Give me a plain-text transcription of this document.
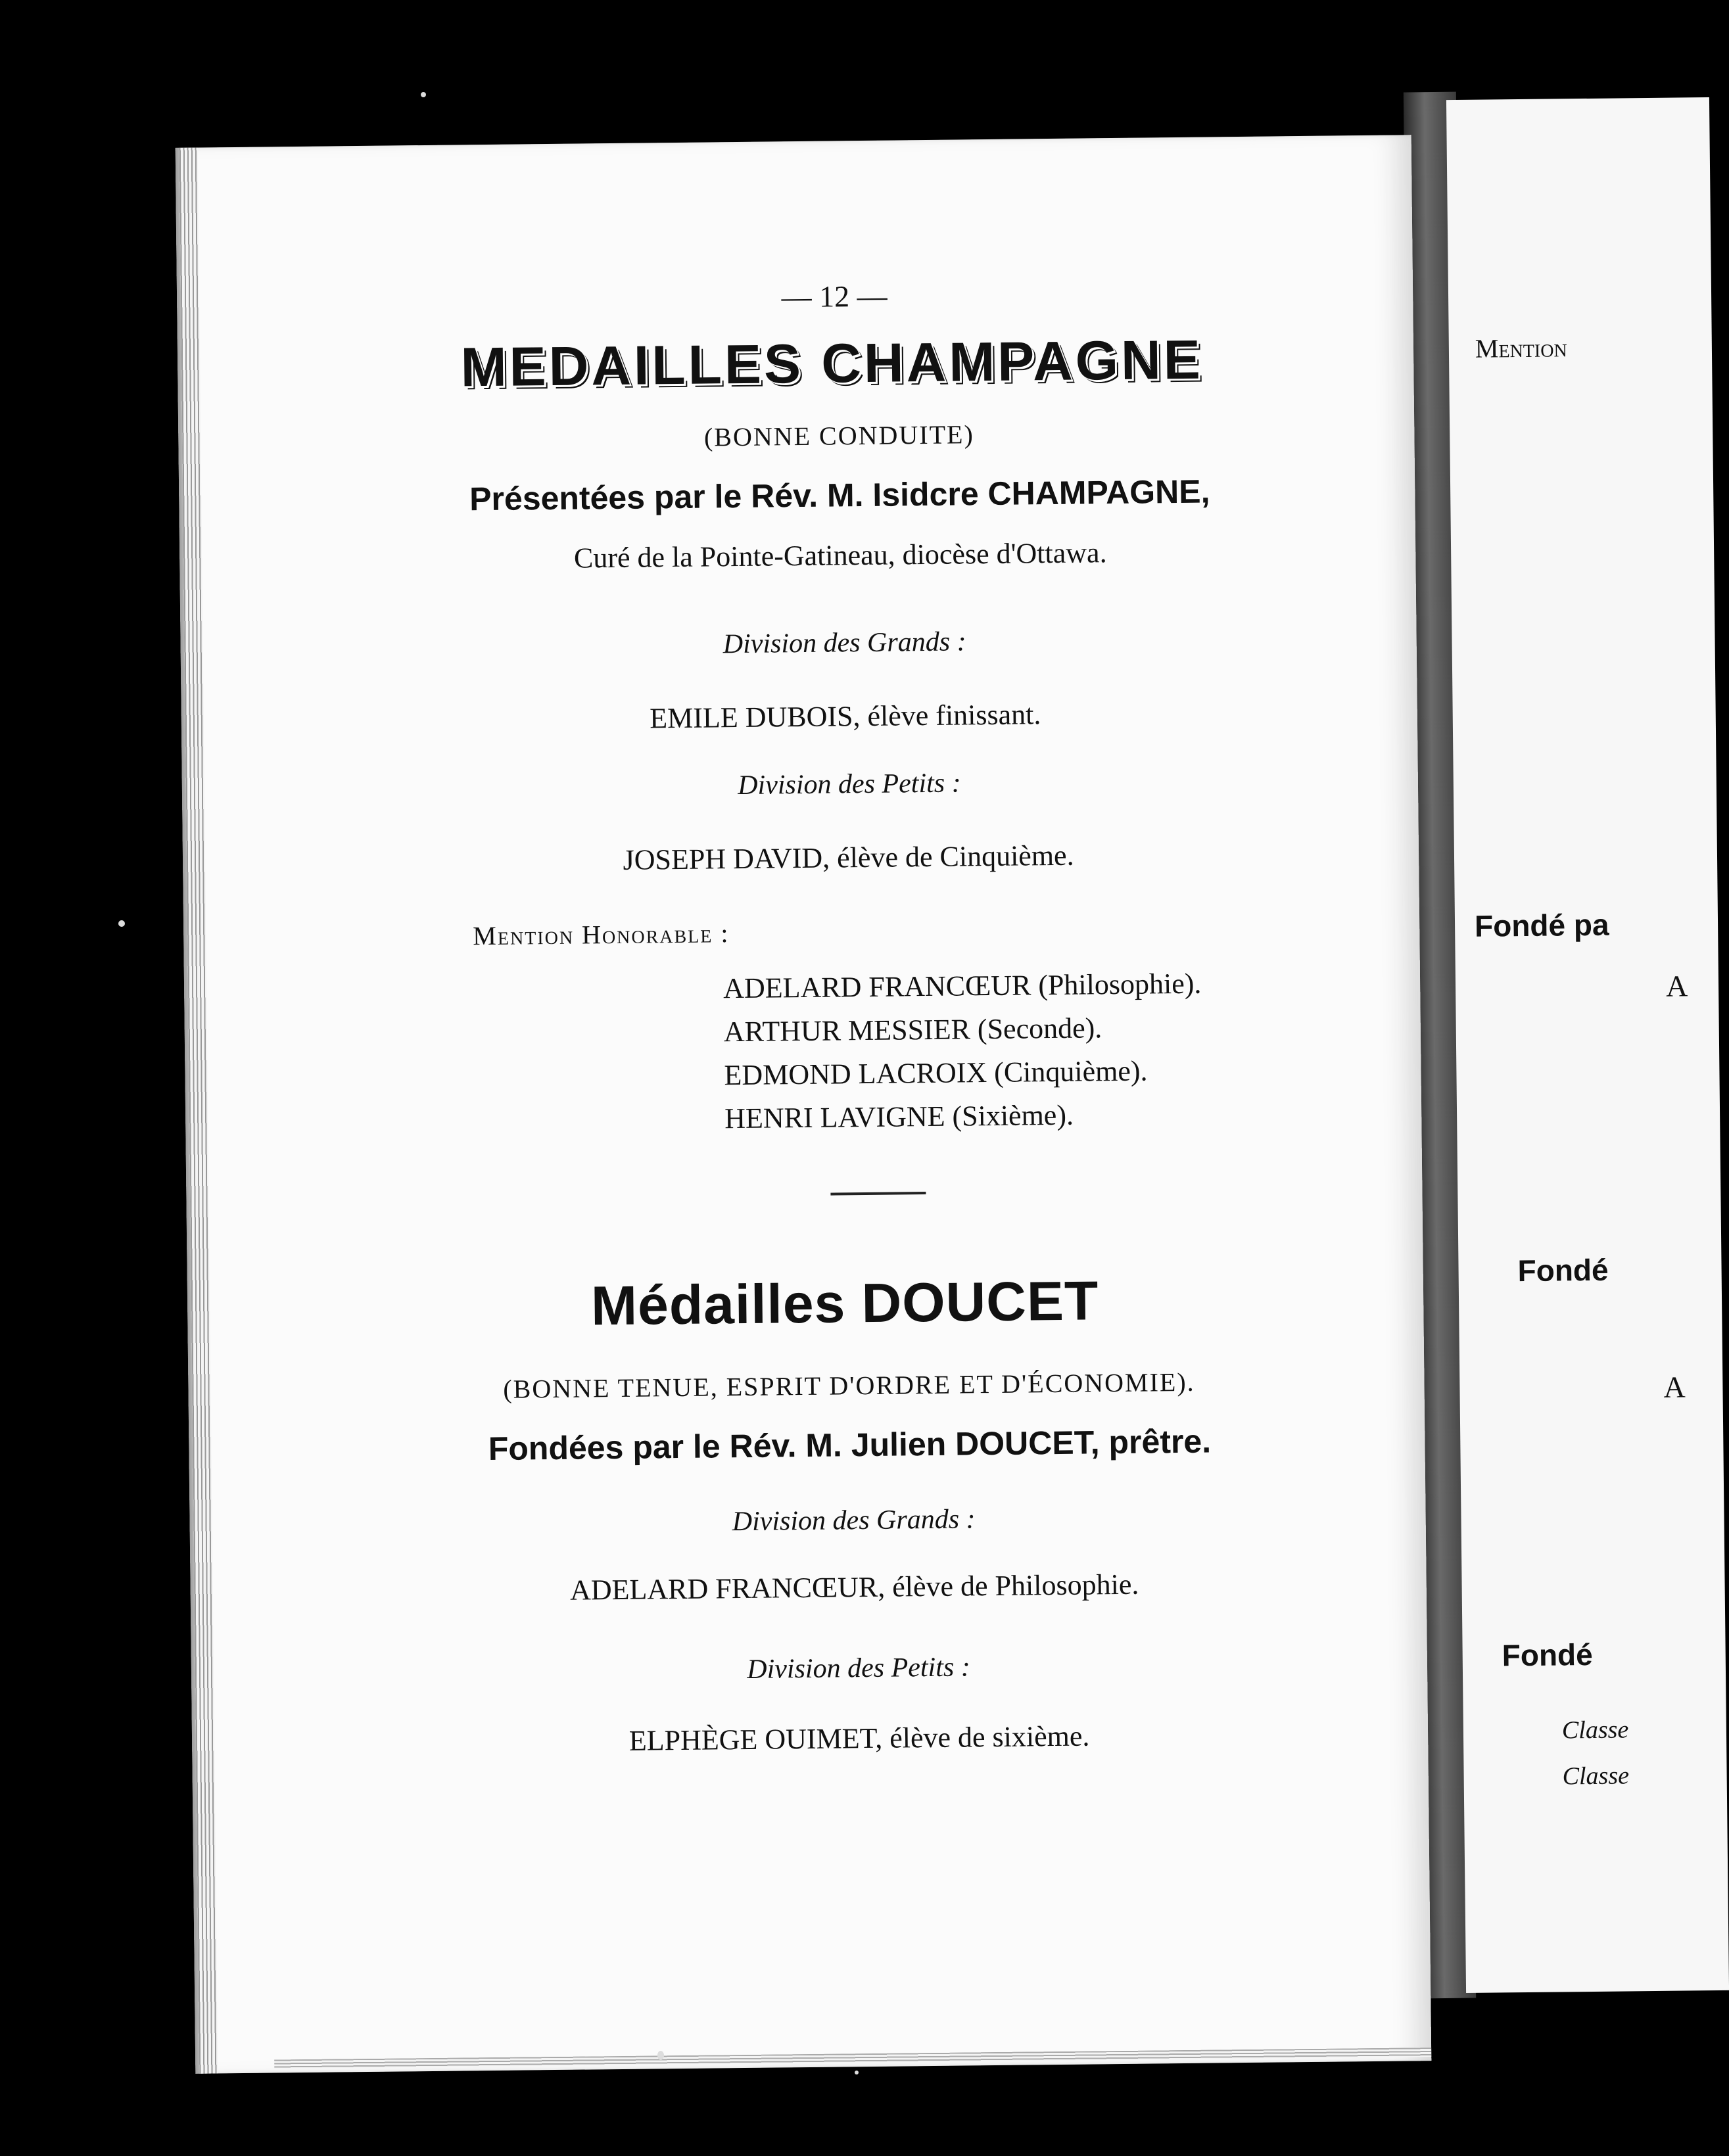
Mention
Fondé pa
A
Fondé
A
Fondé
Classe
Classe
— 12 —
MEDAILLES CHAMPAGNE
(BONNE CONDUITE)
Présentées par le Rév. M. Isidcre CHAMPAGNE,
Curé de la Pointe-Gatineau, diocèse d'Ottawa.
Division des Grands :
EMILE DUBOIS, élève finissant.
Division des Petits :
JOSEPH DAVID, élève de Cinquième.
Mention Honorable :
ADELARD FRANCŒUR (Philosophie).
ARTHUR MESSIER (Seconde).
EDMOND LACROIX (Cinquième).
HENRI LAVIGNE (Sixième).
Médailles DOUCET
(BONNE TENUE, ESPRIT D'ORDRE ET D'ÉCONOMIE).
Fondées par le Rév. M. Julien DOUCET, prêtre.
Division des Grands :
ADELARD FRANCŒUR, élève de Philosophie.
Division des Petits :
ELPHÈGE OUIMET, élève de sixième.
